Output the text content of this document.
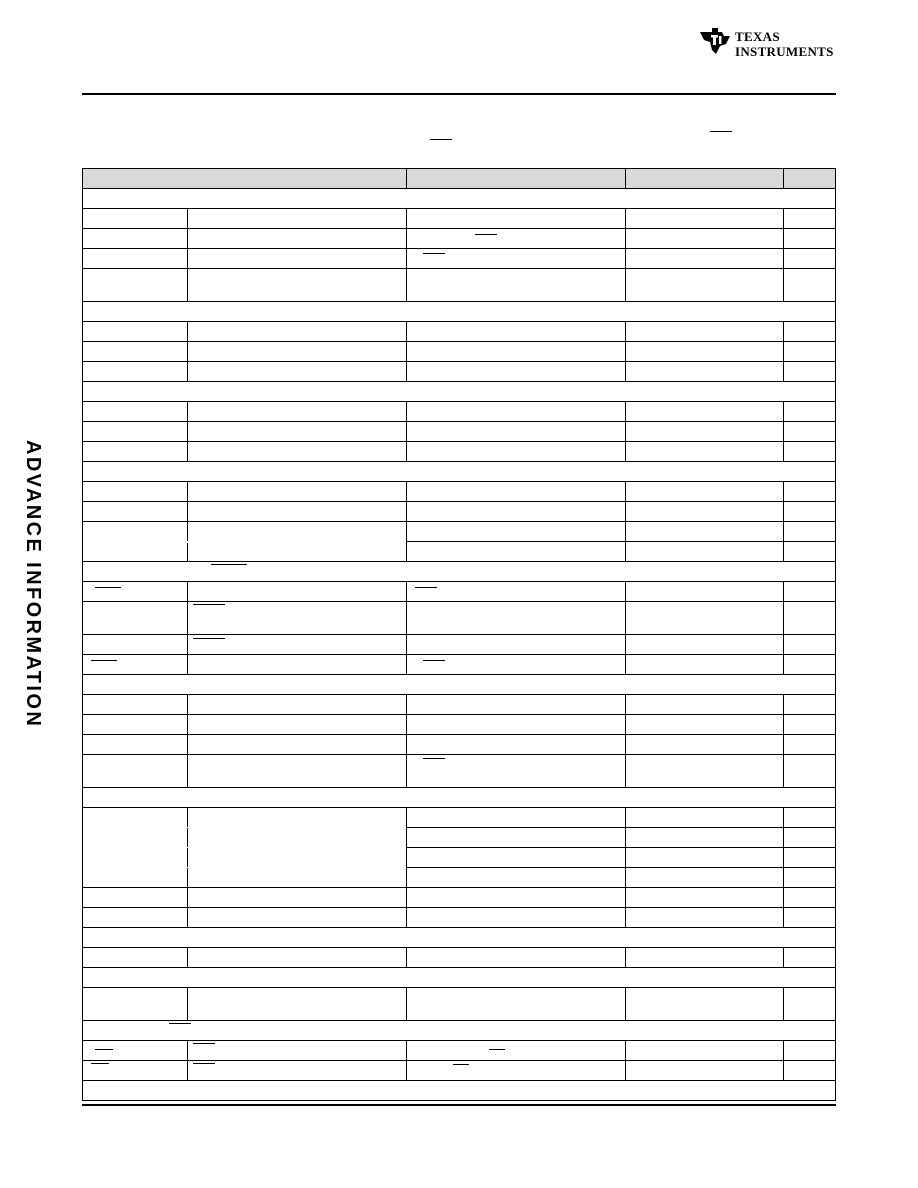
TEXAS
INSTRUMENTS
ADVANCE INFORMATION
